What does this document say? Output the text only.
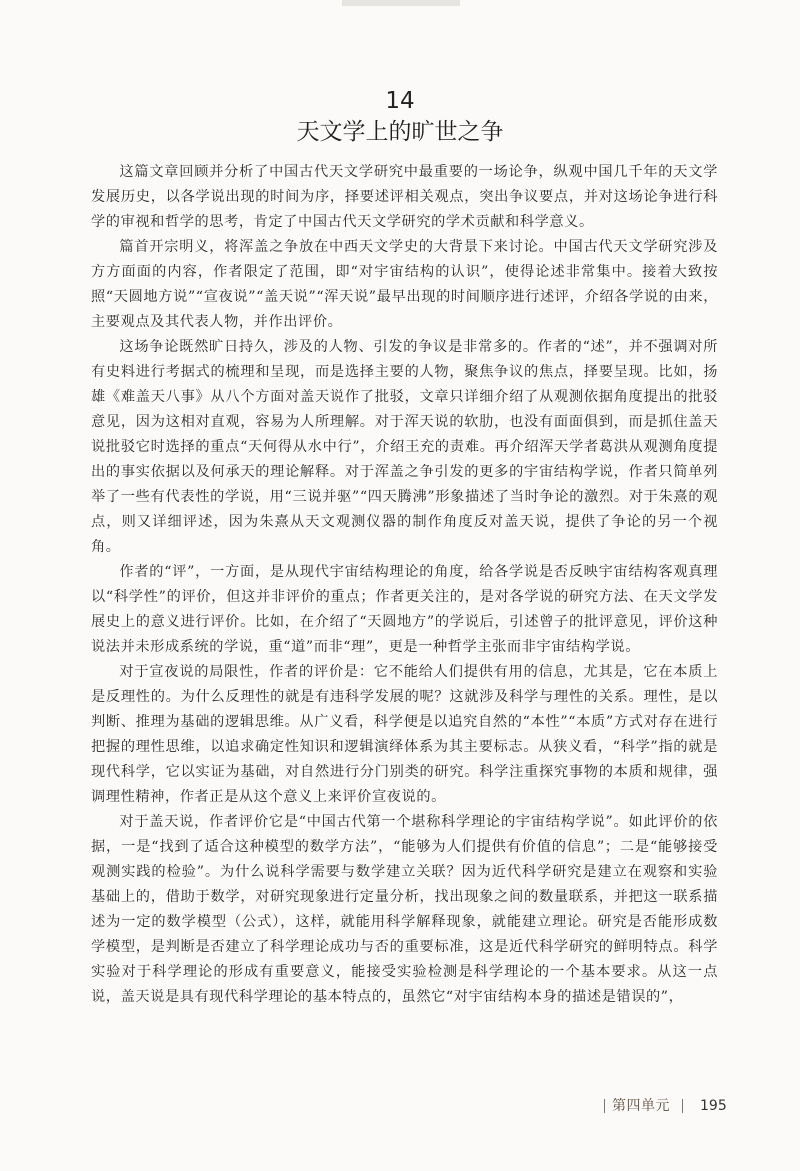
14
天文学上的旷世之争

这篇文章回顾并分析了中国古代天文学研究中最重要的一场论争，纵观中国几千年的天文学发展历史，以各学说出现的时间为序，择要述评相关观点，突出争议要点，并对这场论争进行科学的审视和哲学的思考，肯定了中国古代天文学研究的学术贡献和科学意义。

篇首开宗明义，将浑盖之争放在中西天文学史的大背景下来讨论。中国古代天文学研究涉及方方面面的内容，作者限定了范围，即“对宇宙结构的认识”，使得论述非常集中。接着大致按照“天圆地方说”“宣夜说”“盖天说”“浑天说”最早出现的时间顺序进行述评，介绍各学说的由来，主要观点及其代表人物，并作出评价。

这场争论既然旷日持久，涉及的人物、引发的争议是非常多的。作者的“述”，并不强调对所有史料进行考据式的梳理和呈现，而是选择主要的人物，聚焦争议的焦点，择要呈现。比如，扬雄《难盖天八事》从八个方面对盖天说作了批驳，文章只详细介绍了从观测依据角度提出的批驳意见，因为这相对直观，容易为人所理解。对于浑天说的软肋，也没有面面俱到，而是抓住盖天说批驳它时选择的重点“天何得从水中行”，介绍王充的责难。再介绍浑天学者葛洪从观测角度提出的事实依据以及何承天的理论解释。对于浑盖之争引发的更多的宇宙结构学说，作者只简单列举了一些有代表性的学说，用“三说并驱”“四天腾沸”形象描述了当时争论的激烈。对于朱熹的观点，则又详细评述，因为朱熹从天文观测仪器的制作角度反对盖天说，提供了争论的另一个视角。

作者的“评”，一方面，是从现代宇宙结构理论的角度，给各学说是否反映宇宙结构客观真理以“科学性”的评价，但这并非评价的重点；作者更关注的，是对各学说的研究方法、在天文学发展史上的意义进行评价。比如，在介绍了“天圆地方”的学说后，引述曾子的批评意见，评价这种说法并未形成系统的学说，重“道”而非“理”，更是一种哲学主张而非宇宙结构学说。

对于宣夜说的局限性，作者的评价是：它不能给人们提供有用的信息，尤其是，它在本质上是反理性的。为什么反理性的就是有违科学发展的呢？这就涉及科学与理性的关系。理性，是以判断、推理为基础的逻辑思维。从广义看，科学便是以追究自然的“本性”“本质”方式对存在进行把握的理性思维，以追求确定性知识和逻辑演绎体系为其主要标志。从狭义看，“科学”指的就是现代科学，它以实证为基础，对自然进行分门别类的研究。科学注重探究事物的本质和规律，强调理性精神，作者正是从这个意义上来评价宣夜说的。

对于盖天说，作者评价它是“中国古代第一个堪称科学理论的宇宙结构学说”。如此评价的依据，一是“找到了适合这种模型的数学方法”，“能够为人们提供有价值的信息”；二是“能够接受观测实践的检验”。为什么说科学需要与数学建立关联？因为近代科学研究是建立在观察和实验基础上的，借助于数学，对研究现象进行定量分析，找出现象之间的数量联系，并把这一联系描述为一定的数学模型（公式），这样，就能用科学解释现象，就能建立理论。研究是否能形成数学模型，是判断是否建立了科学理论成功与否的重要标准，这是近代科学研究的鲜明特点。科学实验对于科学理论的形成有重要意义，能接受实验检测是科学理论的一个基本要求。从这一点说，盖天说是具有现代科学理论的基本特点的，虽然它“对宇宙结构本身的描述是错误的”，

第四单元 195
